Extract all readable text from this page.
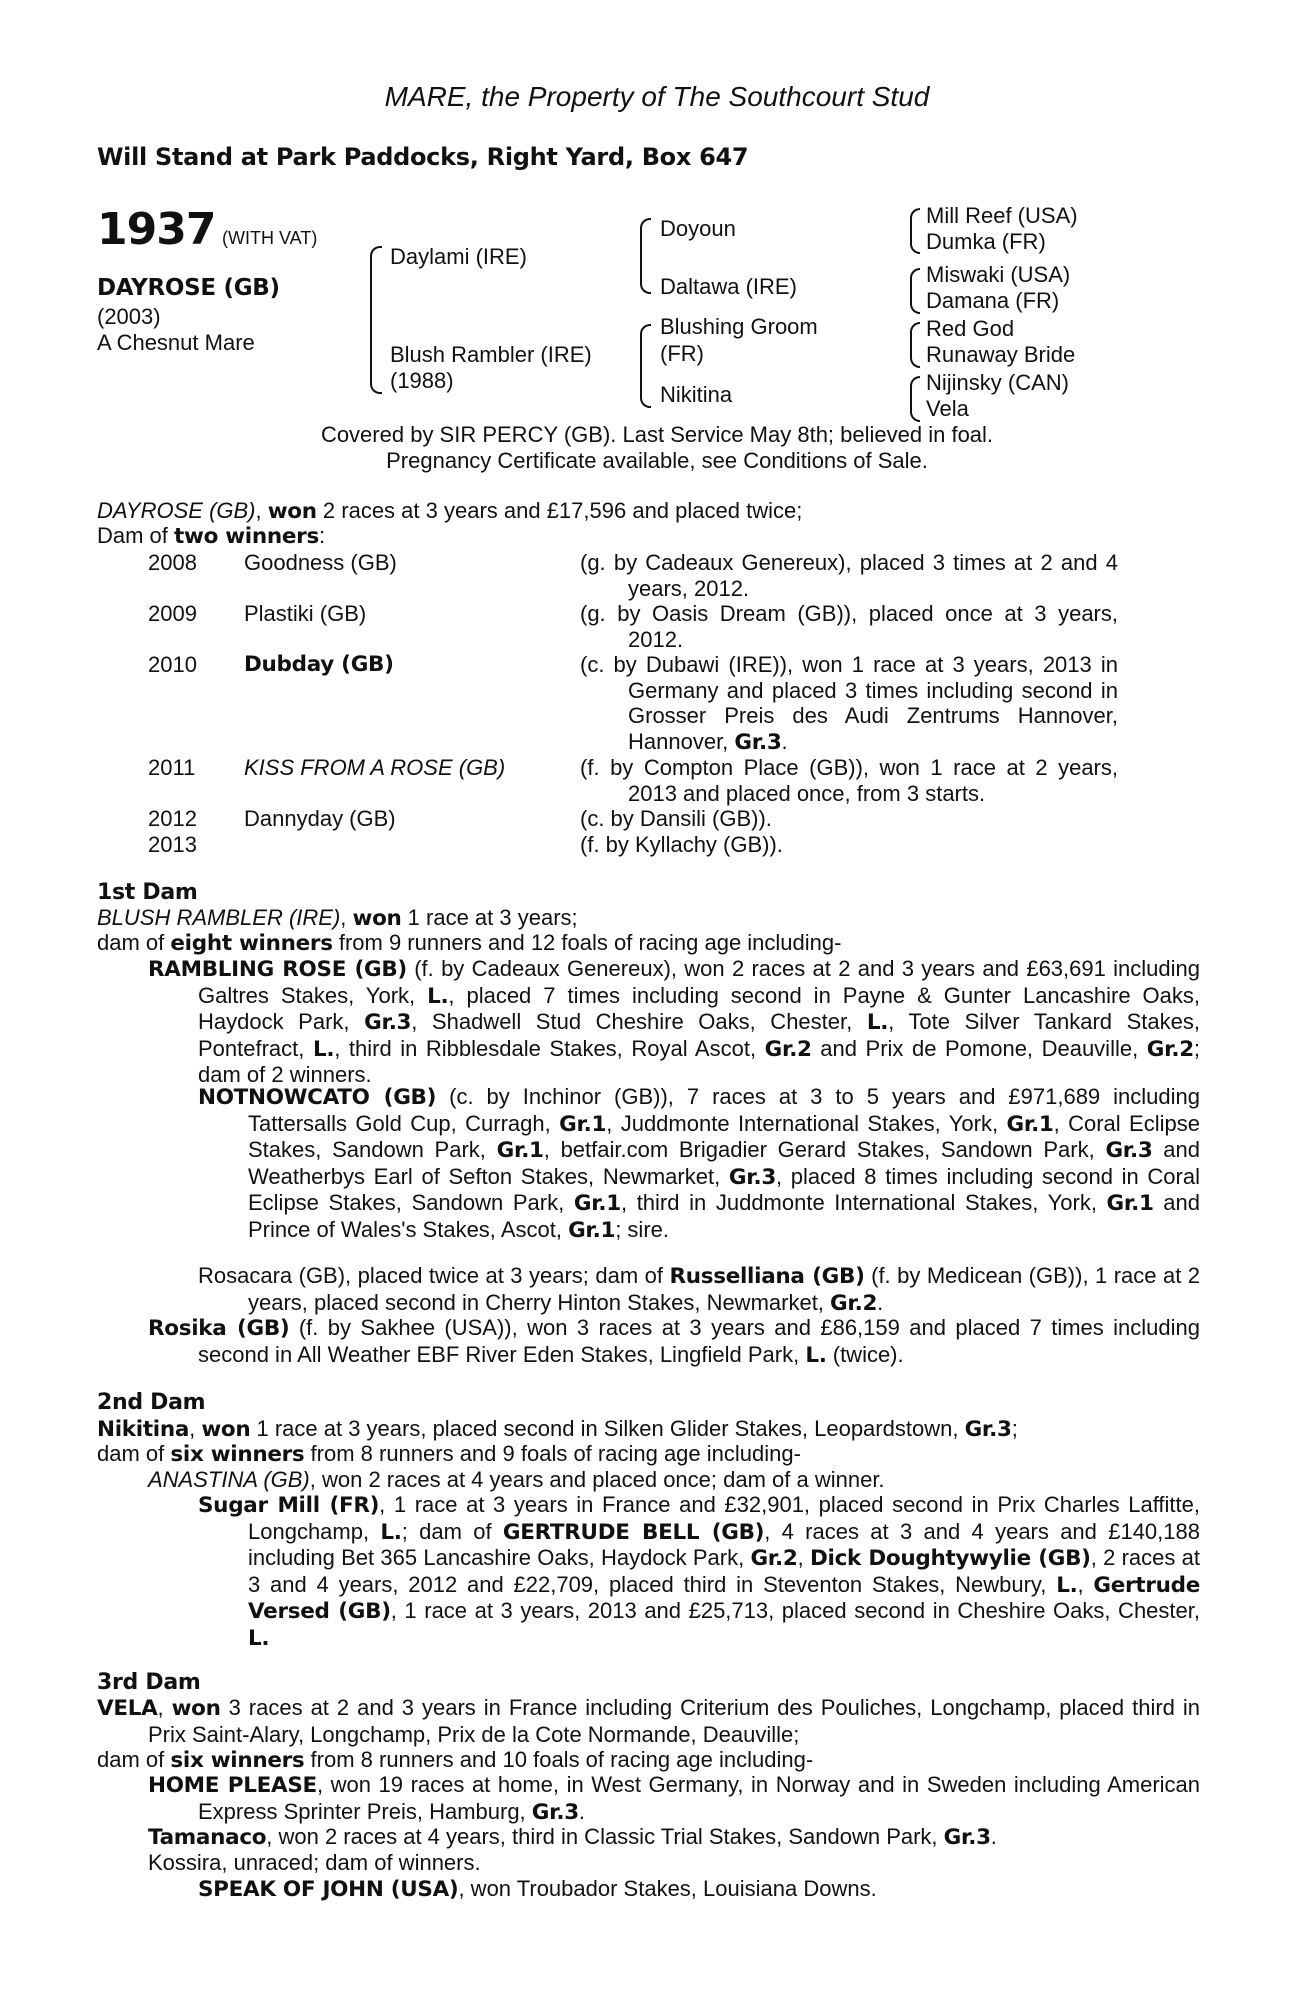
MARE, the Property of The Southcourt Stud
Will Stand at Park Paddocks, Right Yard, Box 647
1937 (WITH VAT)
DAYROSE (GB)
(2003)
A Chesnut Mare
Daylami (IRE)
Blush Rambler (IRE)
(1988)
Doyoun
Daltawa (IRE)
Blushing Groom
(FR)
Nikitina
Mill Reef (USA)
Dumka (FR)
Miswaki (USA)
Damana (FR)
Red God
Runaway Bride
Nijinsky (CAN)
Vela
Covered by SIR PERCY (GB). Last Service May 8th; believed in foal.
Pregnancy Certificate available, see Conditions of Sale.
DAYROSE (GB), won 2 races at 3 years and £17,596 and placed twice;
Dam of two winners:
2008	Goodness (GB)	(g. by Cadeaux Genereux), placed 3 times at 2 and 4 years, 2012.

2009	Plastiki (GB)	(g. by Oasis Dream (GB)), placed once at 3 years, 2012.

2010	Dubday (GB)	(c. by Dubawi (IRE)), won 1 race at 3 years, 2013 in Germany and placed 3 times including second in Grosser Preis des Audi Zentrums Hannover, Hannover, Gr.3.

2011	KISS FROM A ROSE (GB)	(f. by Compton Place (GB)), won 1 race at 2 years, 2013 and placed once, from 3 starts.

2012	Dannyday (GB)	(c. by Dansili (GB)).

2013		(f. by Kyllachy (GB)).
1st Dam
BLUSH RAMBLER (IRE), won 1 race at 3 years;
dam of eight winners from 9 runners and 12 foals of racing age including-
RAMBLING ROSE (GB) (f. by Cadeaux Genereux), won 2 races at 2 and 3 years and £63,691 including Galtres Stakes, York, L., placed 7 times including second in Payne & Gunter Lancashire Oaks, Haydock Park, Gr.3, Shadwell Stud Cheshire Oaks, Chester, L., Tote Silver Tankard Stakes, Pontefract, L., third in Ribblesdale Stakes, Royal Ascot, Gr.2 and Prix de Pomone, Deauville, Gr.2; dam of 2 winners.
NOTNOWCATO (GB) (c. by Inchinor (GB)), 7 races at 3 to 5 years and £971,689 including Tattersalls Gold Cup, Curragh, Gr.1, Juddmonte International Stakes, York, Gr.1, Coral Eclipse Stakes, Sandown Park, Gr.1, betfair.com Brigadier Gerard Stakes, Sandown Park, Gr.3 and Weatherbys Earl of Sefton Stakes, Newmarket, Gr.3, placed 8 times including second in Coral Eclipse Stakes, Sandown Park, Gr.1, third in Juddmonte International Stakes, York, Gr.1 and Prince of Wales's Stakes, Ascot, Gr.1; sire.
Rosacara (GB), placed twice at 3 years; dam of Russelliana (GB) (f. by Medicean (GB)), 1 race at 2 years, placed second in Cherry Hinton Stakes, Newmarket, Gr.2.
Rosika (GB) (f. by Sakhee (USA)), won 3 races at 3 years and £86,159 and placed 7 times including second in All Weather EBF River Eden Stakes, Lingfield Park, L. (twice).
2nd Dam
Nikitina, won 1 race at 3 years, placed second in Silken Glider Stakes, Leopardstown, Gr.3;
dam of six winners from 8 runners and 9 foals of racing age including-
ANASTINA (GB), won 2 races at 4 years and placed once; dam of a winner.
Sugar Mill (FR), 1 race at 3 years in France and £32,901, placed second in Prix Charles Laffitte, Longchamp, L.; dam of GERTRUDE BELL (GB), 4 races at 3 and 4 years and £140,188 including Bet 365 Lancashire Oaks, Haydock Park, Gr.2, Dick Doughtywylie (GB), 2 races at 3 and 4 years, 2012 and £22,709, placed third in Steventon Stakes, Newbury, L., Gertrude Versed (GB), 1 race at 3 years, 2013 and £25,713, placed second in Cheshire Oaks, Chester, L.
3rd Dam
VELA, won 3 races at 2 and 3 years in France including Criterium des Pouliches, Longchamp, placed third in Prix Saint-Alary, Longchamp, Prix de la Cote Normande, Deauville;
dam of six winners from 8 runners and 10 foals of racing age including-
HOME PLEASE, won 19 races at home, in West Germany, in Norway and in Sweden including American Express Sprinter Preis, Hamburg, Gr.3.
Tamanaco, won 2 races at 4 years, third in Classic Trial Stakes, Sandown Park, Gr.3.
Kossira, unraced; dam of winners.
SPEAK OF JOHN (USA), won Troubador Stakes, Louisiana Downs.
